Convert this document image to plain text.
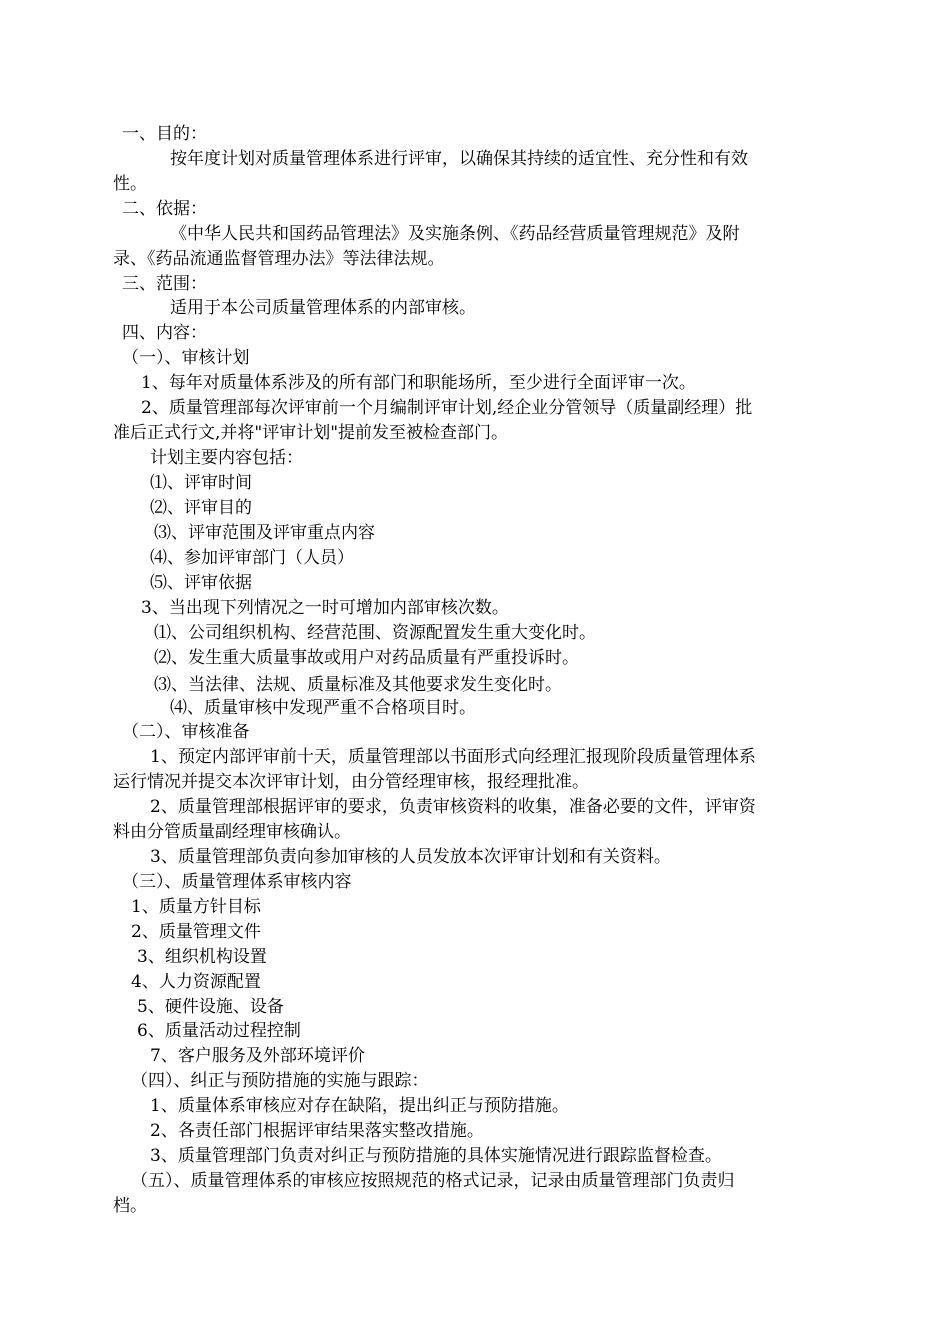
一、目的：
按年度计划对质量管理体系进行评审，以确保其持续的适宜性、充分性和有效
性。
二、依据：
《中华人民共和国药品管理法》及实施条例、《药品经营质量管理规范》及附
录、《药品流通监督管理办法》等法律法规。
三、范围：
适用于本公司质量管理体系的内部审核。
四、内容：
（一）、审核计划
1、每年对质量体系涉及的所有部门和职能场所，至少进行全面评审一次。
2、质量管理部每次评审前一个月编制评审计划,经企业分管领导（质量副经理）批
准后正式行文,并将"评审计划"提前发至被检查部门。
计划主要内容包括：
⑴、评审时间
⑵、评审目的
⑶、评审范围及评审重点内容
⑷、参加评审部门（人员）
⑸、评审依据
3、当出现下列情况之一时可增加内部审核次数。
⑴、公司组织机构、经营范围、资源配置发生重大变化时。
⑵、发生重大质量事故或用户对药品质量有严重投诉时。
⑶、当法律、法规、质量标准及其他要求发生变化时。
⑷、质量审核中发现严重不合格项目时。
（二）、审核准备
1、预定内部评审前十天，质量管理部以书面形式向经理汇报现阶段质量管理体系
运行情况并提交本次评审计划，由分管经理审核，报经理批准。
2、质量管理部根据评审的要求，负责审核资料的收集，准备必要的文件，评审资
料由分管质量副经理审核确认。
3、质量管理部负责向参加审核的人员发放本次评审计划和有关资料。
（三）、质量管理体系审核内容
1、质量方针目标
2、质量管理文件
3、组织机构设置
4、人力资源配置
5、硬件设施、设备
6、质量活动过程控制
7、客户服务及外部环境评价
（四）、纠正与预防措施的实施与跟踪：
1、质量体系审核应对存在缺陷，提出纠正与预防措施。
2、各责任部门根据评审结果落实整改措施。
3、质量管理部门负责对纠正与预防措施的具体实施情况进行跟踪监督检查。
（五）、质量管理体系的审核应按照规范的格式记录，记录由质量管理部门负责归
档。
